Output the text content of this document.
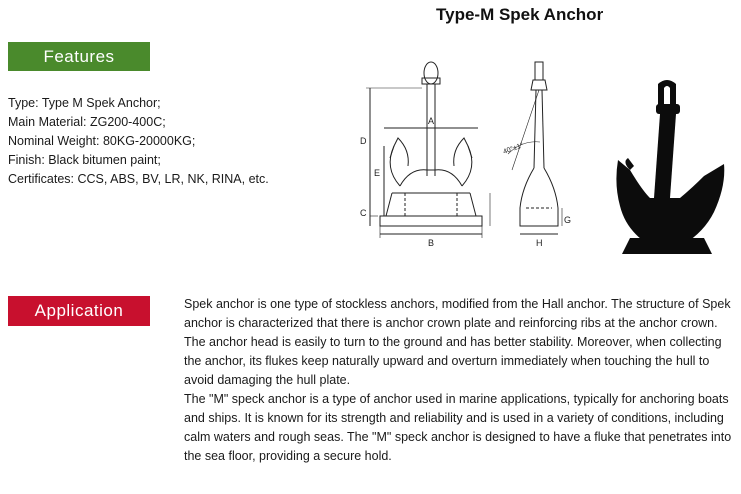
Type-M Spek Anchor
Features
Type: Type M Spek Anchor;
Main Material: ZG200-400C;
Nominal Weight: 80KG-20000KG;
Finish: Black bitumen paint;
Certificates: CCS, ABS, BV, LR, NK, RINA, etc.
A
B
C
D
E
40°±1°
G
H
Application	Spek anchor is one type of stockless anchors, modified from the Hall anchor. The structure of Spek anchor is characterized that there is anchor crown plate and reinforcing ribs at the anchor crown. The anchor head is easily to turn to the ground and has better stability. Moreover, when collecting the anchor, its flukes keep naturally upward and overturn immediately when touching the hull to avoid damaging the hull plate.

The "M" speck anchor is a type of anchor used in marine applications, typically for anchoring boats and ships. It is known for its strength and reliability and is used in a variety of conditions, including calm waters and rough seas. The "M" speck anchor is designed to have a fluke that penetrates into the sea floor, providing a secure hold.
